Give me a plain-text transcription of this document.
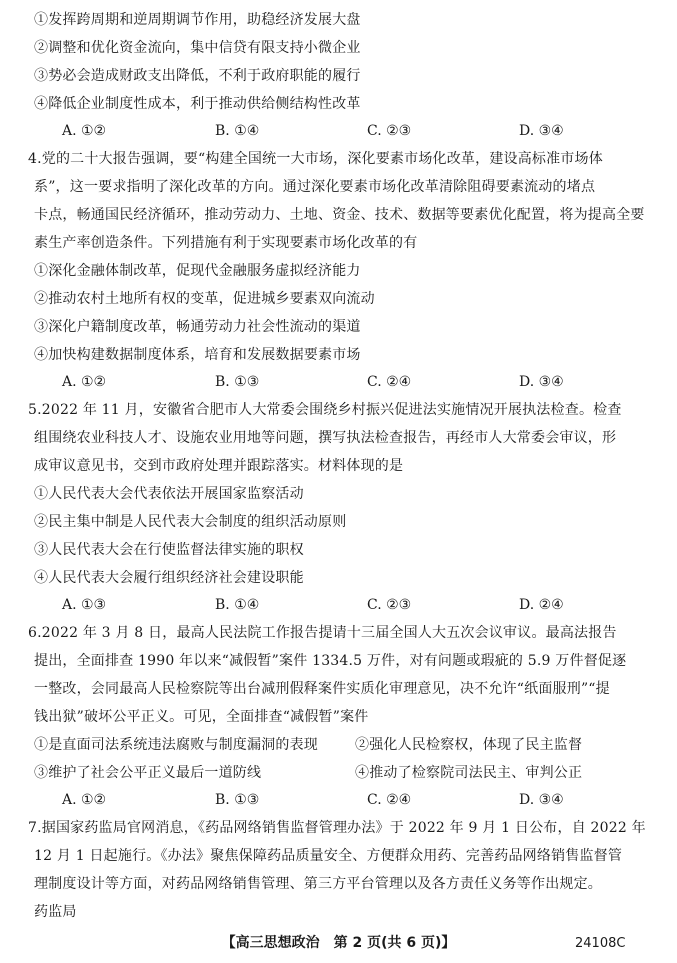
①发挥跨周期和逆周期调节作用，助稳经济发展大盘
②调整和优化资金流向，集中信贷有限支持小微企业
③势必会造成财政支出降低，不利于政府职能的履行
④降低企业制度性成本，利于推动供给侧结构性改革
A. ①②	B. ①④	C. ②③	D. ③④
4.党的二十大报告强调，要“构建全国统一大市场，深化要素市场化改革，建设高标准市场体
系”，这一要求指明了深化改革的方向。通过深化要素市场化改革清除阻碍要素流动的堵点
卡点，畅通国民经济循环，推动劳动力、土地、资金、技术、数据等要素优化配置，将为提高全要
素生产率创造条件。下列措施有利于实现要素市场化改革的有
①深化金融体制改革，促现代金融服务虚拟经济能力
②推动农村土地所有权的变革，促进城乡要素双向流动
③深化户籍制度改革，畅通劳动力社会性流动的渠道
④加快构建数据制度体系，培育和发展数据要素市场
A. ①②	B. ①③	C. ②④	D. ③④
5.2022 年 11 月，安徽省合肥市人大常委会围绕乡村振兴促进法实施情况开展执法检查。检查
组围绕农业科技人才、设施农业用地等问题，撰写执法检查报告，再经市人大常委会审议，形
成审议意见书，交到市政府处理并跟踪落实。材料体现的是
①人民代表大会代表依法开展国家监察活动
②民主集中制是人民代表大会制度的组织活动原则
③人民代表大会在行使监督法律实施的职权
④人民代表大会履行组织经济社会建设职能
A. ①③	B. ①④	C. ②③	D. ②④
6.2022 年 3 月 8 日，最高人民法院工作报告提请十三届全国人大五次会议审议。最高法报告
提出，全面排查 1990 年以来“减假暂”案件 1334.5 万件，对有问题或瑕疵的 5.9 万件督促逐
一整改，会同最高人民检察院等出台减刑假释案件实质化审理意见，决不允许“纸面服刑”“提
钱出狱”破坏公平正义。可见，全面排查“减假暂”案件
①是直面司法系统违法腐败与制度漏洞的表现	②强化人民检察权，体现了民主监督
③维护了社会公平正义最后一道防线	④推动了检察院司法民主、审判公正
A. ①②	B. ①③	C. ②④	D. ③④
7.据国家药监局官网消息，《药品网络销售监督管理办法》于 2022 年 9 月 1 日公布，自 2022 年
12 月 1 日起施行。《办法》聚焦保障药品质量安全、方便群众用药、完善药品网络销售监督管
理制度设计等方面，对药品网络销售管理、第三方平台管理以及各方责任义务等作出规定。
药监局
【高三思想政治　第 2 页(共 6 页)】	24108C
